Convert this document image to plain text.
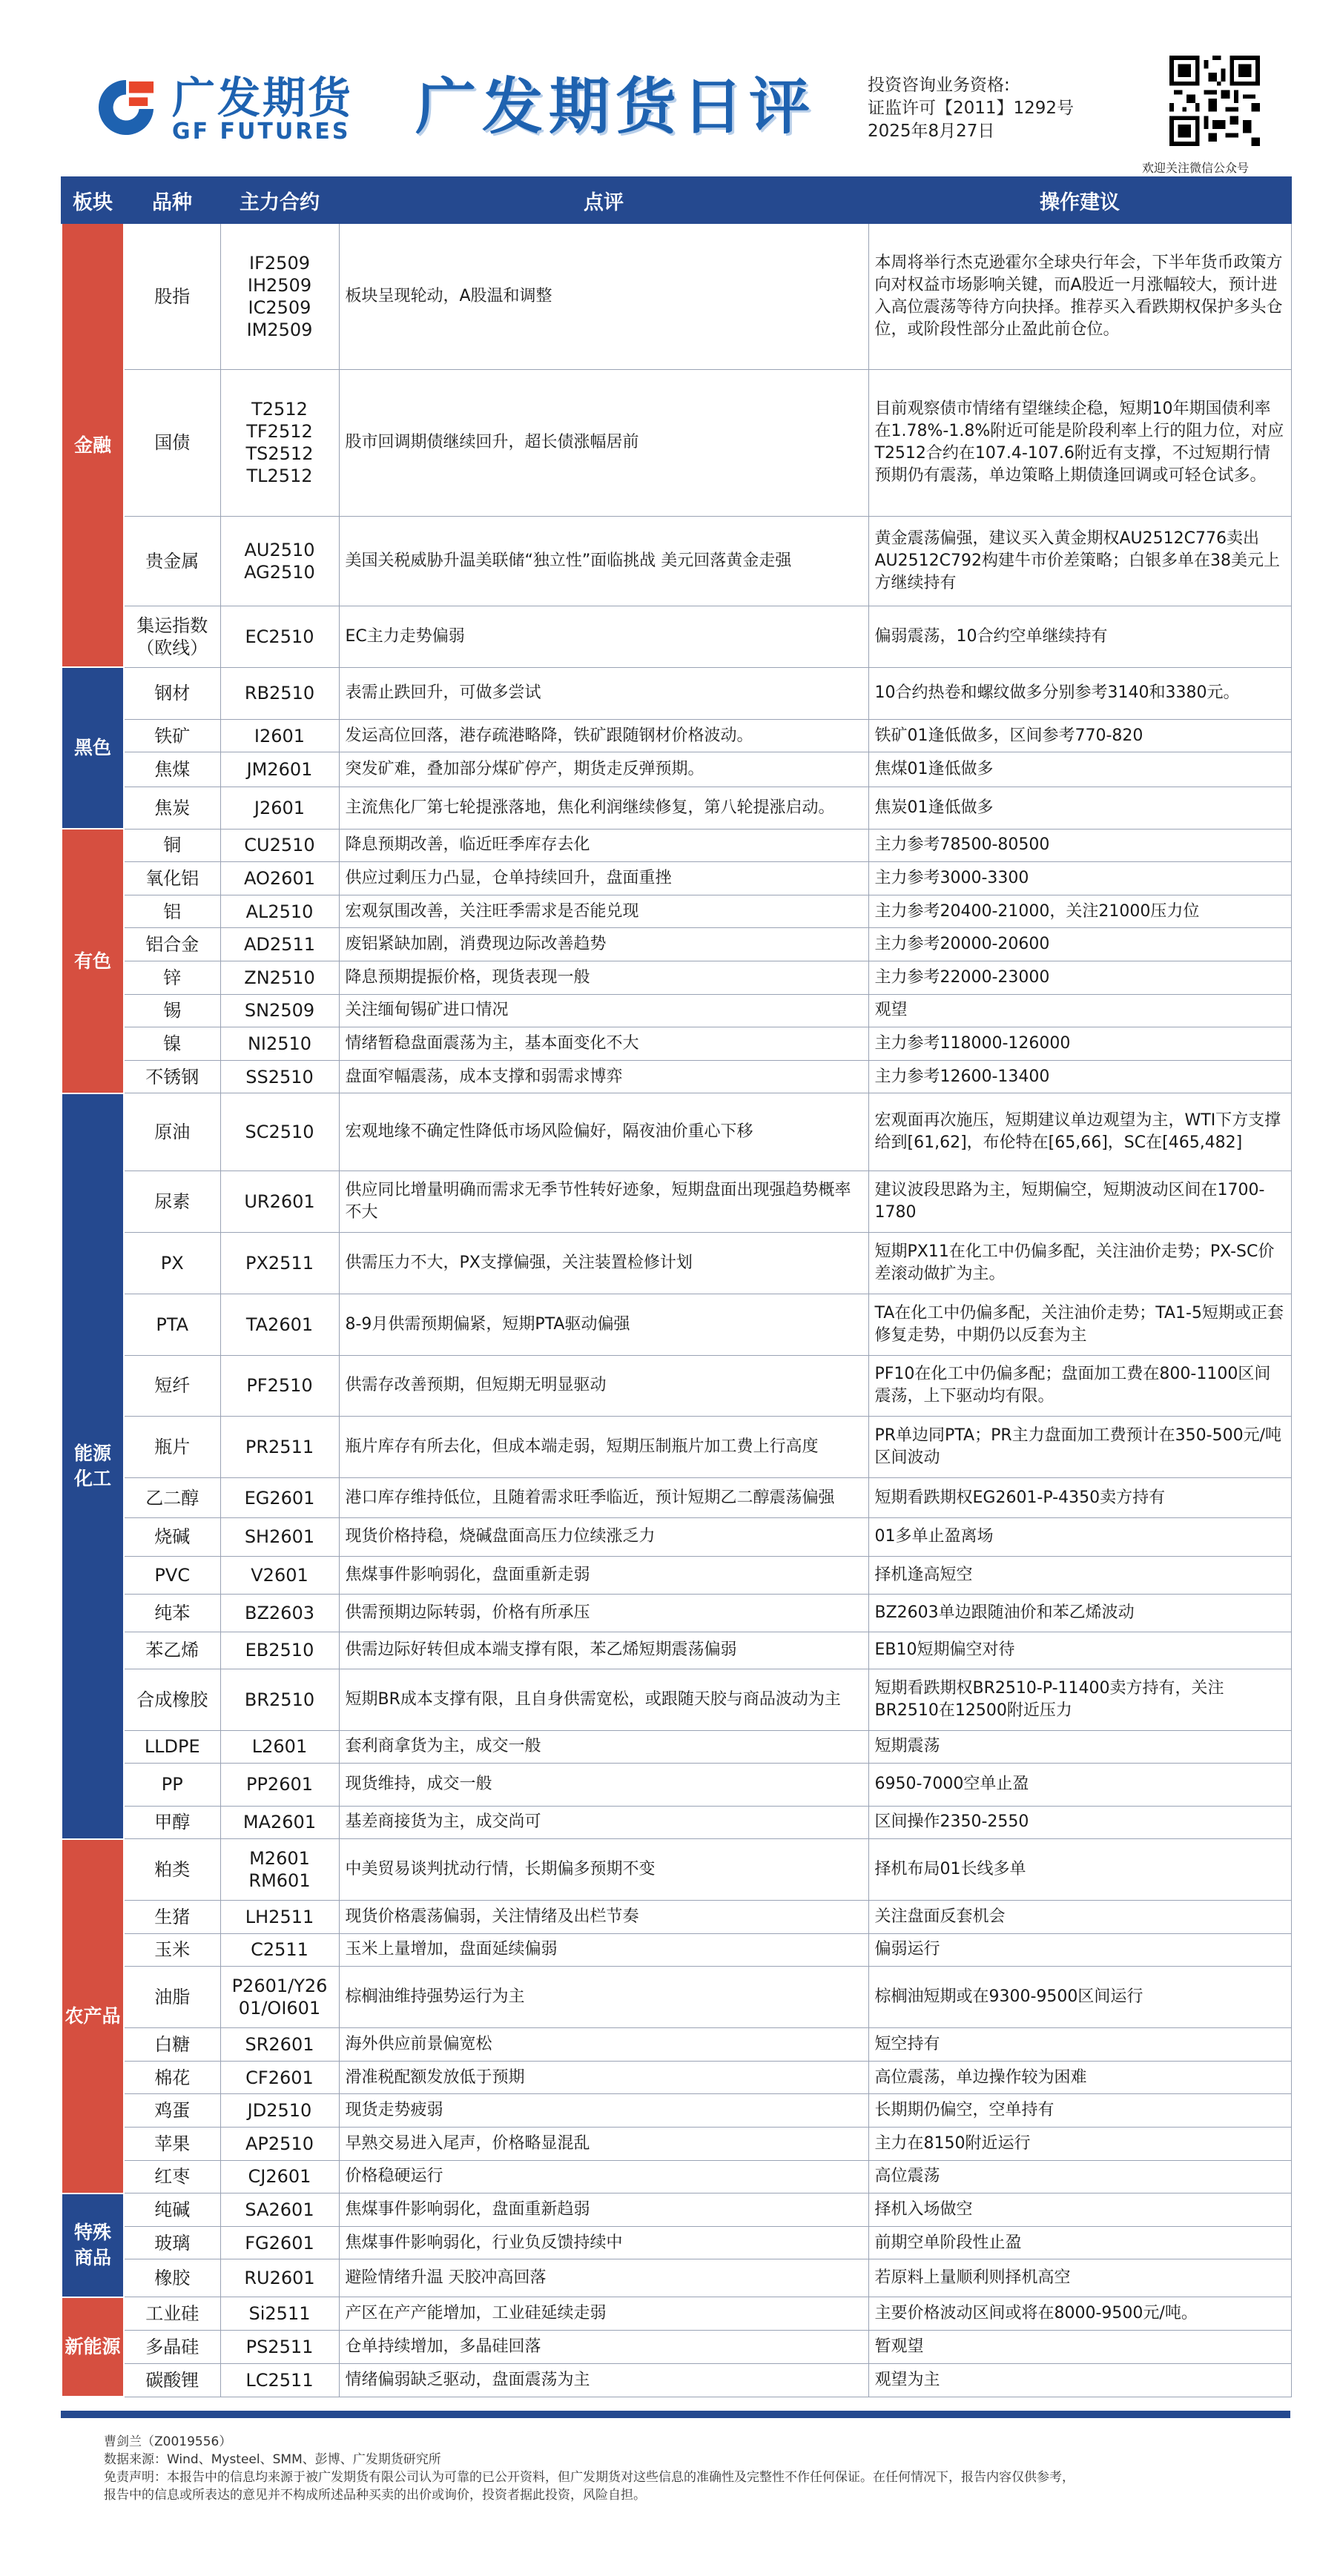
广发期货
GF FUTURES 广发期货日评	投资咨询业务资格:
证监许可【2011】1292号
2025年8月27日
欢迎关注微信公众号
板块	品种	主力合约	点评	操作建议
金融	股指	IF2509
IH2509
IC2509
IM2509	板块呈现轮动，A股温和调整	本周将举行杰克逊霍尔全球央行年会，下半年货币政策方向对权益市场影响关键，而A股近一月涨幅较大，预计进入高位震荡等待方向抉择。推荐买入看跌期权保护多头仓位，或阶段性部分止盈此前仓位。
	国债	T2512
TF2512
TS2512
TL2512	股市回调期债继续回升，超长债涨幅居前	目前观察债市情绪有望继续企稳，短期10年期国债利率在1.78%-1.8%附近可能是阶段利率上行的阻力位，对应T2512合约在107.4-107.6附近有支撑，不过短期行情预期仍有震荡，单边策略上期债逢回调或可轻仓试多。
	贵金属	AU2510
AG2510	美国关税威胁升温美联储“独立性”面临挑战 美元回落黄金走强	黄金震荡偏强，建议买入黄金期权AU2512C776卖出AU2512C792构建牛市价差策略；白银多单在38美元上方继续持有
	集运指数
（欧线）	EC2510	EC主力走势偏弱	偏弱震荡，10合约空单继续持有
黑色	钢材	RB2510	表需止跌回升，可做多尝试	10合约热卷和螺纹做多分别参考3140和3380元。
	铁矿	I2601	发运高位回落，港存疏港略降，铁矿跟随钢材价格波动。	铁矿01逢低做多，区间参考770-820
	焦煤	JM2601	突发矿难，叠加部分煤矿停产，期货走反弹预期。	焦煤01逢低做多
	焦炭	J2601	主流焦化厂第七轮提涨落地，焦化利润继续修复，第八轮提涨启动。	焦炭01逢低做多
有色	铜	CU2510	降息预期改善，临近旺季库存去化	主力参考78500-80500
	氧化铝	AO2601	供应过剩压力凸显，仓单持续回升，盘面重挫	主力参考3000-3300
	铝	AL2510	宏观氛围改善，关注旺季需求是否能兑现	主力参考20400-21000，关注21000压力位
	铝合金	AD2511	废铝紧缺加剧，消费现边际改善趋势	主力参考20000-20600
	锌	ZN2510	降息预期提振价格，现货表现一般	主力参考22000-23000
	锡	SN2509	关注缅甸锡矿进口情况	观望
	镍	NI2510	情绪暂稳盘面震荡为主，基本面变化不大	主力参考118000-126000
	不锈钢	SS2510	盘面窄幅震荡，成本支撑和弱需求博弈	主力参考12600-13400
能源
化工	原油	SC2510	宏观地缘不确定性降低市场风险偏好，隔夜油价重心下移	宏观面再次施压，短期建议单边观望为主，WTI下方支撑给到[61,62]，布伦特在[65,66]，SC在[465,482]
	尿素	UR2601	供应同比增量明确而需求无季节性转好迹象，短期盘面出现强趋势概率不大	建议波段思路为主，短期偏空，短期波动区间在1700-1780
	PX	PX2511	供需压力不大，PX支撑偏强，关注装置检修计划	短期PX11在化工中仍偏多配，关注油价走势；PX-SC价差滚动做扩为主。
	PTA	TA2601	8-9月供需预期偏紧，短期PTA驱动偏强	TA在化工中仍偏多配，关注油价走势；TA1-5短期或正套修复走势，中期仍以反套为主
	短纤	PF2510	供需存改善预期，但短期无明显驱动	PF10在化工中仍偏多配；盘面加工费在800-1100区间震荡，上下驱动均有限。
	瓶片	PR2511	瓶片库存有所去化，但成本端走弱，短期压制瓶片加工费上行高度	PR单边同PTA；PR主力盘面加工费预计在350-500元/吨区间波动
	乙二醇	EG2601	港口库存维持低位，且随着需求旺季临近，预计短期乙二醇震荡偏强	短期看跌期权EG2601-P-4350卖方持有
	烧碱	SH2601	现货价格持稳，烧碱盘面高压力位续涨乏力	01多单止盈离场
	PVC	V2601	焦煤事件影响弱化，盘面重新走弱	择机逢高短空
	纯苯	BZ2603	供需预期边际转弱，价格有所承压	BZ2603单边跟随油价和苯乙烯波动
	苯乙烯	EB2510	供需边际好转但成本端支撑有限，苯乙烯短期震荡偏弱	EB10短期偏空对待
	合成橡胶	BR2510	短期BR成本支撑有限，且自身供需宽松，或跟随天胶与商品波动为主	短期看跌期权BR2510-P-11400卖方持有，关注BR2510在12500附近压力
	LLDPE	L2601	套利商拿货为主，成交一般	短期震荡
	PP	PP2601	现货维持，成交一般	6950-7000空单止盈
	甲醇	MA2601	基差商接货为主，成交尚可	区间操作2350-2550
农产品	粕类	M2601
RM601	中美贸易谈判扰动行情，长期偏多预期不变	择机布局01长线多单
	生猪	LH2511	现货价格震荡偏弱，关注情绪及出栏节奏	关注盘面反套机会
	玉米	C2511	玉米上量增加，盘面延续偏弱	偏弱运行
	油脂	P2601/Y26
01/OI601	棕榈油维持强势运行为主	棕榈油短期或在9300-9500区间运行
	白糖	SR2601	海外供应前景偏宽松	短空持有
	棉花	CF2601	滑准税配额发放低于预期	高位震荡，单边操作较为困难
	鸡蛋	JD2510	现货走势疲弱	长期期仍偏空，空单持有
	苹果	AP2510	早熟交易进入尾声，价格略显混乱	主力在8150附近运行
	红枣	CJ2601	价格稳硬运行	高位震荡
特殊
商品	纯碱	SA2601	焦煤事件影响弱化，盘面重新趋弱	择机入场做空
	玻璃	FG2601	焦煤事件影响弱化，行业负反馈持续中	前期空单阶段性止盈
	橡胶	RU2601	避险情绪升温 天胶冲高回落	若原料上量顺利则择机高空
新能源	工业硅	Si2511	产区在产产能增加，工业硅延续走弱	主要价格波动区间或将在8000-9500元/吨。
	多晶硅	PS2511	仓单持续增加，多晶硅回落	暂观望
	碳酸锂	LC2511	情绪偏弱缺乏驱动，盘面震荡为主	观望为主
曹剑兰（Z0019556）
数据来源：Wind、Mysteel、SMM、彭博、广发期货研究所
免责声明：本报告中的信息均来源于被广发期货有限公司认为可靠的已公开资料，但广发期货对这些信息的准确性及完整性不作任何保证。在任何情况下，报告内容仅供参考，
报告中的信息或所表达的意见并不构成所述品种买卖的出价或询价，投资者据此投资，风险自担。
